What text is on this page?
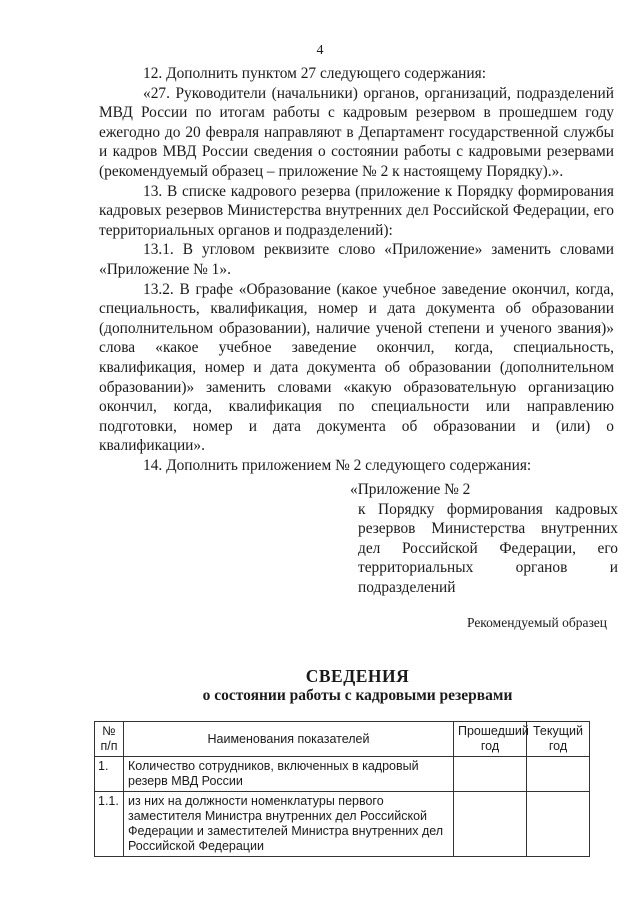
4

12. Дополнить пунктом 27 следующего содержания:

«27. Руководители (начальники) органов, организаций, подразделений МВД России по итогам работы с кадровым резервом в прошедшем году ежегодно до 20 февраля направляют в Департамент государственной службы и кадров МВД России сведения о состоянии работы с кадровыми резервами (рекомендуемый образец – приложение № 2 к настоящему Порядку).».

13. В списке кадрового резерва (приложение к Порядку формирования кадровых резервов Министерства внутренних дел Российской Федерации, его территориальных органов и подразделений):

13.1. В угловом реквизите слово «Приложение» заменить словами «Приложение № 1».

13.2. В графе «Образование (какое учебное заведение окончил, когда, специальность, квалификация, номер и дата документа об образовании (дополнительном образовании), наличие ученой степени и ученого звания)» слова «какое учебное заведение окончил, когда, специальность, квалификация, номер и дата документа об образовании (дополнительном образовании)» заменить словами «какую образовательную организацию окончил, когда, квалификация по специальности или направлению подготовки, номер и дата документа об образовании и (или) о квалификации».

14. Дополнить приложением № 2 следующего содержания:

«Приложение № 2

к Порядку формирования кадровых резервов Министерства внутренних дел Российской Федерации, его территориальных органов и подразделений

Рекомендуемый образец
СВЕДЕНИЯ
о состоянии работы с кадровыми резервами
№ п/п	Наименования показателей	Прошедший год	Текущий год
1.	Количество сотрудников, включенных в кадровый резерв МВД России		
1.1.	из них на должности номенклатуры первого заместителя Министра внутренних дел Российской Федерации и заместителей Министра внутренних дел Российской Федерации		
